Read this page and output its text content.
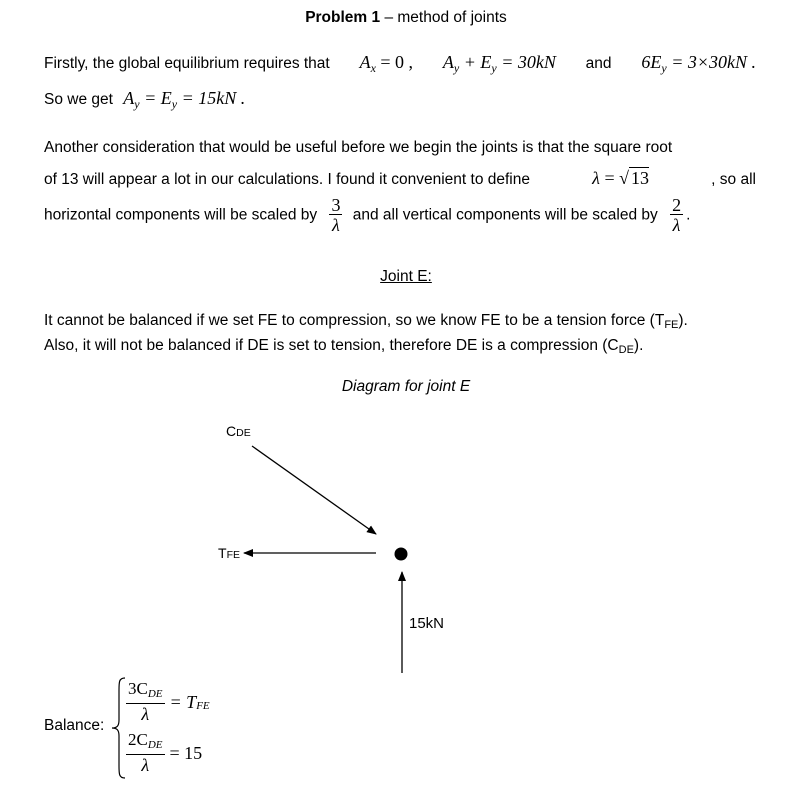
Problem 1 – method of joints
Firstly, the global equilibrium requires that $A_x = 0$ , $A_y + E_y = 30kN$ and $6E_y = 3\times 30kN$ .
So we get $A_y = E_y = 15kN$ .
Another consideration that would be useful before we begin the joints is that the square root
of 13 will appear a lot in our calculations. I found it convenient to define	λ = √ 13	, so all
horizontal components will be scaled by $\frac{3}{\lambda}$ and all vertical components will be scaled by $\frac{2}{\lambda}$ .
Joint E:
It cannot be balanced if we set FE to compression, so we know FE to be a tension force (TFE).
Also, it will not be balanced if DE is set to tension, therefore DE is a compression (CDE).
Diagram for joint E
CDE
TFE
15kN
Balance:
$\frac{\text{3CDE}}{\lambda} = T$ FE
$\frac{\text{2CDE}}{\lambda} = 15$
